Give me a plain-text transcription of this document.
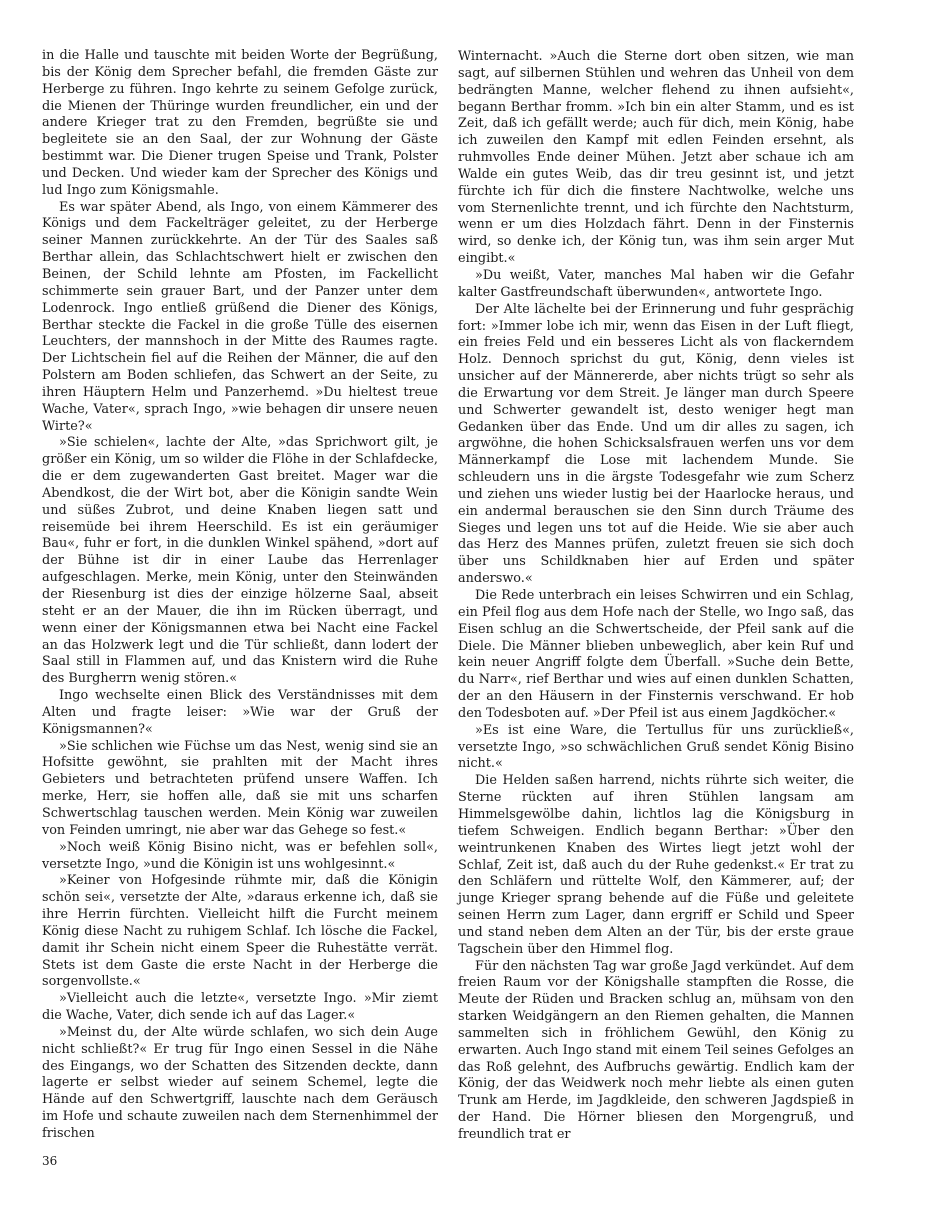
in die Halle und tauschte mit beiden Worte der Begrüßung, bis der König dem Sprecher befahl, die fremden Gäste zur Herberge zu führen. Ingo kehrte zu seinem Gefolge zurück, die Mienen der Thüringe wurden freundlicher, ein und der andere Krieger trat zu den Fremden, begrüßte sie und begleitete sie an den Saal, der zur Wohnung der Gäste bestimmt war. Die Diener trugen Speise und Trank, Polster und Decken. Und wieder kam der Sprecher des Königs und lud Ingo zum Königsmahle.

Es war später Abend, als Ingo, von einem Kämmerer des Königs und dem Fackelträger geleitet, zu der Herberge seiner Mannen zurückkehrte. An der Tür des Saales saß Berthar allein, das Schlachtschwert hielt er zwischen den Beinen, der Schild lehnte am Pfosten, im Fackellicht schimmerte sein grauer Bart, und der Panzer unter dem Lodenrock. Ingo entließ grüßend die Diener des Königs, Berthar steckte die Fackel in die große Tülle des eisernen Leuchters, der mannshoch in der Mitte des Raumes ragte. Der Lichtschein fiel auf die Reihen der Männer, die auf den Polstern am Boden schliefen, das Schwert an der Seite, zu ihren Häuptern Helm und Panzerhemd. »Du hieltest treue Wache, Vater«, sprach Ingo, »wie behagen dir unsere neuen Wirte?«

»Sie schielen«, lachte der Alte, »das Sprichwort gilt, je größer ein König, um so wilder die Flöhe in der Schlafdecke, die er dem zugewanderten Gast breitet. Mager war die Abendkost, die der Wirt bot, aber die Königin sandte Wein und süßes Zubrot, und deine Knaben liegen satt und reisemüde bei ihrem Heerschild. Es ist ein geräumiger Bau«, fuhr er fort, in die dunklen Winkel spähend, »dort auf der Bühne ist dir in einer Laube das Herrenlager aufgeschlagen. Merke, mein König, unter den Steinwänden der Riesenburg ist dies der einzige hölzerne Saal, abseit steht er an der Mauer, die ihn im Rücken überragt, und wenn einer der Königsmannen etwa bei Nacht eine Fackel an das Holzwerk legt und die Tür schließt, dann lodert der Saal still in Flammen auf, und das Knistern wird die Ruhe des Burgherrn wenig stören.«

Ingo wechselte einen Blick des Verständnisses mit dem Alten und fragte leiser: »Wie war der Gruß der Königsmannen?«

»Sie schlichen wie Füchse um das Nest, wenig sind sie an Hofsitte gewöhnt, sie prahlten mit der Macht ihres Gebieters und betrachteten prüfend unsere Waffen. Ich merke, Herr, sie hoffen alle, daß sie mit uns scharfen Schwertschlag tauschen werden. Mein König war zuweilen von Feinden umringt, nie aber war das Gehege so fest.«

»Noch weiß König Bisino nicht, was er befehlen soll«, versetzte Ingo, »und die Königin ist uns wohlgesinnt.«

»Keiner von Hofgesinde rühmte mir, daß die Königin schön sei«, versetzte der Alte, »daraus erkenne ich, daß sie ihre Herrin fürchten. Vielleicht hilft die Furcht meinem König diese Nacht zu ruhigem Schlaf. Ich lösche die Fackel, damit ihr Schein nicht einem Speer die Ruhestätte verrät. Stets ist dem Gaste die erste Nacht in der Herberge die sorgenvollste.«

»Vielleicht auch die letzte«, versetzte Ingo. »Mir ziemt die Wache, Vater, dich sende ich auf das Lager.«

»Meinst du, der Alte würde schlafen, wo sich dein Auge nicht schließt?« Er trug für Ingo einen Sessel in die Nähe des Eingangs, wo der Schatten des Sitzenden deckte, dann lagerte er selbst wieder auf seinem Schemel, legte die Hände auf den Schwertgriff, lauschte nach dem Geräusch im Hofe und schaute zuweilen nach dem Sternenhimmel der frischen

Winternacht. »Auch die Sterne dort oben sitzen, wie man sagt, auf silbernen Stühlen und wehren das Unheil von dem bedrängten Manne, welcher flehend zu ihnen aufsieht«, begann Berthar fromm. »Ich bin ein alter Stamm, und es ist Zeit, daß ich gefällt werde; auch für dich, mein König, habe ich zuweilen den Kampf mit edlen Feinden ersehnt, als ruhmvolles Ende deiner Mühen. Jetzt aber schaue ich am Walde ein gutes Weib, das dir treu gesinnt ist, und jetzt fürchte ich für dich die finstere Nachtwolke, welche uns vom Sternenlichte trennt, und ich fürchte den Nachtsturm, wenn er um dies Holzdach fährt. Denn in der Finsternis wird, so denke ich, der König tun, was ihm sein arger Mut eingibt.«

»Du weißt, Vater, manches Mal haben wir die Gefahr kalter Gastfreundschaft überwunden«, antwortete Ingo.

Der Alte lächelte bei der Erinnerung und fuhr gesprächig fort: »Immer lobe ich mir, wenn das Eisen in der Luft fliegt, ein freies Feld und ein besseres Licht als von flackerndem Holz. Dennoch sprichst du gut, König, denn vieles ist unsicher auf der Männererde, aber nichts trügt so sehr als die Erwartung vor dem Streit. Je länger man durch Speere und Schwerter gewandelt ist, desto weniger hegt man Gedanken über das Ende. Und um dir alles zu sagen, ich argwöhne, die hohen Schicksalsfrauen werfen uns vor dem Männerkampf die Lose mit lachendem Munde. Sie schleudern uns in die ärgste Todesgefahr wie zum Scherz und ziehen uns wieder lustig bei der Haarlocke heraus, und ein andermal berauschen sie den Sinn durch Träume des Sieges und legen uns tot auf die Heide. Wie sie aber auch das Herz des Mannes prüfen, zuletzt freuen sie sich doch über uns Schildknaben hier auf Erden und später anderswo.«

Die Rede unterbrach ein leises Schwirren und ein Schlag, ein Pfeil flog aus dem Hofe nach der Stelle, wo Ingo saß, das Eisen schlug an die Schwertscheide, der Pfeil sank auf die Diele. Die Männer blieben unbeweglich, aber kein Ruf und kein neuer Angriff folgte dem Überfall. »Suche dein Bette, du Narr«, rief Berthar und wies auf einen dunklen Schatten, der an den Häusern in der Finsternis verschwand. Er hob den Todesboten auf. »Der Pfeil ist aus einem Jagdköcher.«

»Es ist eine Ware, die Tertullus für uns zurückließ«, versetzte Ingo, »so schwächlichen Gruß sendet König Bisino nicht.«

Die Helden saßen harrend, nichts rührte sich weiter, die Sterne rückten auf ihren Stühlen langsam am Himmelsgewölbe dahin, lichtlos lag die Königsburg in tiefem Schweigen. Endlich begann Berthar: »Über den weintrunkenen Knaben des Wirtes liegt jetzt wohl der Schlaf, Zeit ist, daß auch du der Ruhe gedenkst.« Er trat zu den Schläfern und rüttelte Wolf, den Kämmerer, auf; der junge Krieger sprang behende auf die Füße und geleitete seinen Herrn zum Lager, dann ergriff er Schild und Speer und stand neben dem Alten an der Tür, bis der erste graue Tagschein über den Himmel flog.

Für den nächsten Tag war große Jagd verkündet. Auf dem freien Raum vor der Königshalle stampften die Rosse, die Meute der Rüden und Bracken schlug an, mühsam von den starken Weidgängern an den Riemen gehalten, die Mannen sammelten sich in fröhlichem Gewühl, den König zu erwarten. Auch Ingo stand mit einem Teil seines Gefolges an das Roß gelehnt, des Aufbruchs gewärtig. Endlich kam der König, der das Weidwerk noch mehr liebte als einen guten Trunk am Herde, im Jagdkleide, den schweren Jagdspieß in der Hand. Die Hörner bliesen den Morgengruß, und freundlich trat er

36
